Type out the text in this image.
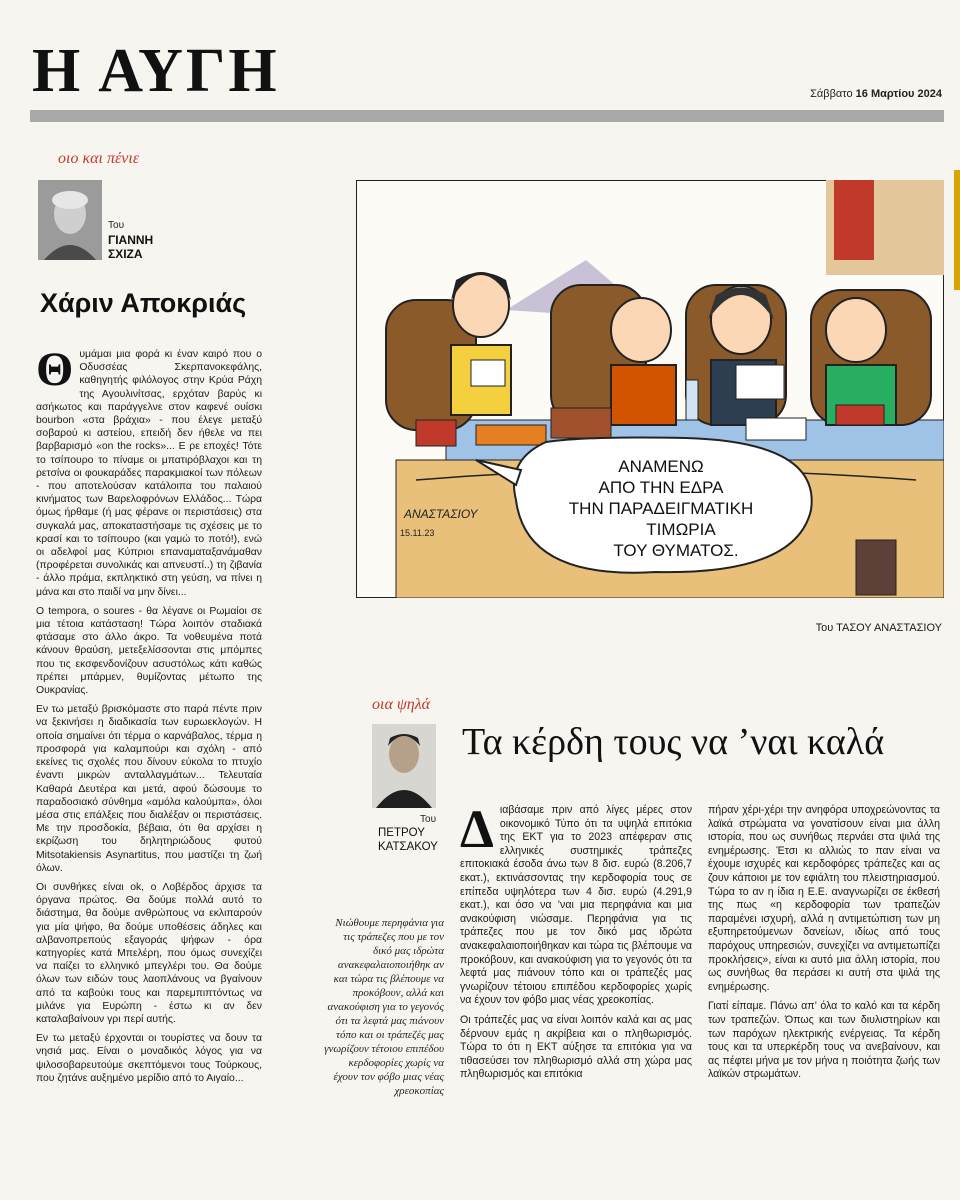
Η ΑΥΓΗ	Σάββατο 16 Μαρτίου 2024
οιο και πένιε
Του
ΓΙΑΝΝΗ
ΣΧΙΖΑ
Χάριν Αποκριάς

Θυμάμαι μια φορά κι έναν καιρό που ο Οδυσσέας Σκερπανοκεφάλης, καθηγητής φιλόλογος στην Κρύα Ράχη της Αγουλινίτσας, ερχόταν βαρύς κι ασήκωτος και παράγγελνε στον καφενέ ουίσκι bourbon «στα βράχια» - που έλεγε μεταξύ σοβαρού κι αστείου, επειδή δεν ήθελε να πει βαρβαρισμό «on the rocks»... Ε ρε εποχές! Τότε το τσίπουρο το πίναμε οι μπατιρόβλαχοι και τη ρετσίνα οι φουκαράδες παρακμιακοί των πόλεων - που αποτελούσαν κατάλοιπα του παλαιού κινήματος των Βαρελοφρόνων Ελλάδος... Τώρα όμως ήρθαμε (ή μας φέρανε οι περιστάσεις) στα συγκαλά μας, αποκαταστήσαμε τις σχέσεις με το κρασί και το τσίπουρο (και γαμώ το ποτό!), ενώ οι αδελφοί μας Κύπριοι επαναματαξανάμαθαν (προφέρεται συνολικάς και απνευστί..) τη ζιβανία - άλλο πράμα, εκπληκτικό στη γεύση, να πίνει η μάνα και στο παιδί να μην δίνει...

Ο tempora, o soures - θα λέγανε οι Ρωμαίοι σε μια τέτοια κατάσταση! Τώρα λοιπόν σταδιακά φτάσαμε στο άλλο άκρο. Τα νοθευμένα ποτά κάνουν θραύση, μετεξελίσσονται στις μπόμπες που τις εκσφενδονίζουν ασυστόλως κάτι καθώς πρέπει μπάρμεν, θυμίζοντας μέτωπο της Ουκρανίας.

Εν τω μεταξύ βρισκόμαστε στο παρά πέντε πριν να ξεκινήσει η διαδικασία των ευρωεκλογών. Η οποία σημαίνει ότι τέρμα ο καρνάβαλος, τέρμα η προσφορά για καλαμπούρι και σχόλη - από εκείνες τις σχολές που δίνουν εύκολα το πτυχίο έναντι μικρών ανταλλαγμάτων... Τελευταία Καθαρά Δευτέρα και μετά, αφού δώσουμε το παραδοσιακό σύνθημα «αμόλα καλούμπα», όλοι μέσα στις επάλξεις που διαλέξαν οι περιστάσεις. Με την προσδοκία, βέβαια, ότι θα αρχίσει η εκρίζωση του δηλητηριώδους φυτού Mitsotakiensis Asynartitus, που μαστίζει τη ζωή όλων.

Οι συνθήκες είναι ok, ο Λοβέρδος άρχισε τα όργανα πρώτος. Θα δούμε πολλά αυτό το διάστημα, θα δούμε ανθρώπους να εκλιπαρούν για μία ψήφο, θα δούμε υποθέσεις άδηλες και αλβανοπρεπούς εξαγοράς ψήφων - όρα κατηγορίες κατά Μπελέρη, που όμως συνεχίζει να παίζει το ελληνικό μπεγλέρι του. Θα δούμε όλων των ειδών τους λαοπλάνους να βγαίνουν από τα καβούκι τους και παρεμπιπτόντως να μιλάνε για Ευρώπη - έστω κι αν δεν καταλαβαίνουν γρι περί αυτής.

Εν τω μεταξύ έρχονται οι τουρίστες να δουν τα νησιά μας. Είναι ο μοναδικός λόγος για να ψιλοσοβαρευτούμε σκεπτόμενοι τους Τούρκους, που ζητάνε αυξημένο μερίδιο από το Αιγαίο...

ΑΝΑΜΕΝΩ
ΑΠΟ ΤΗΝ ΕΔΡΑ
ΤΗΝ ΠΑΡΑΔΕΙΓΜΑΤΙΚΗ
ΤΙΜΩΡΙΑ
ΤΟΥ ΘΥΜΑΤΟΣ.
ΑΝΑΣΤΑΣΙΟΥ
15.11.23
Του ΤΑΣΟΥ ΑΝΑΣΤΑΣΙΟΥ
οια ψηλά
Τα κέρδη τους να ’ναι καλά
Του
ΠΕΤΡΟΥ
ΚΑΤΣΑΚΟΥ
Νιώθουμε περηφάνια για τις τράπεζες που με τον δικό μας ιδρώτα ανακεφαλαιοποιήθηκ αν και τώρα τις βλέπουμε να προκόβουν, αλλά και ανακούφιση για το γεγονός ότι τα λεφτά μας πιάνουν τόπο και οι τράπεζές μας γνωρίζουν τέτοιου επιπέδου κερδοφορίες χωρίς να έχουν τον φόβο μιας νέας χρεοκοπίας

Διαβάσαμε πριν από λίγες μέρες στον οικονομικό Τύπο ότι τα υψηλά επιτόκια της ΕΚΤ για το 2023 απέφεραν στις ελληνικές συστημικές τράπεζες επιτοκιακά έσοδα άνω των 8 δισ. ευρώ (8.206,7 εκατ.), εκτινάσσοντας την κερδοφορία τους σε επίπεδα υψηλότερα των 4 δισ. ευρώ (4.291,9 εκατ.), και όσο να ’ναι μια περηφάνια και μια ανακούφιση νιώσαμε. Περηφάνια για τις τράπεζες που με τον δικό μας ιδρώτα ανακεφαλαιοποιήθηκαν και τώρα τις βλέπουμε να προκόβουν, και ανακούφιση για το γεγονός ότι τα λεφτά μας πιάνουν τόπο και οι τράπεζές μας γνωρίζουν τέτοιου επιπέδου κερδοφορίες χωρίς να έχουν τον φόβο μιας νέας χρεοκοπίας.

Οι τράπεζές μας να είναι λοιπόν καλά και ας μας δέρνουν εμάς η ακρίβεια και ο πληθωρισμός. Τώρα το ότι η ΕΚΤ αύξησε τα επιτόκια για να τιθασεύσει τον πληθωρισμό αλλά στη χώρα μας πληθωρισμός και επιτόκια

πήραν χέρι-χέρι την ανηφόρα υποχρεώνοντας τα λαϊκά στρώματα να γονατίσουν είναι μια άλλη ιστορία, που ως συνήθως περνάει στα ψιλά της ενημέρωσης. Έτσι κι αλλιώς το παν είναι να έχουμε ισχυρές και κερδοφόρες τράπεζες και ας ζουν κάποιοι με τον εφιάλτη του πλειστηριασμού. Τώρα το αν η ίδια η Ε.Ε. αναγνωρίζει σε έκθεσή της πως «η κερδοφορία των τραπεζών παραμένει ισχυρή, αλλά η αντιμετώπιση των μη εξυπηρετούμενων δανείων, ιδίως από τους παρόχους υπηρεσιών, συνεχίζει να αντιμετωπίζει προκλήσεις», είναι κι αυτό μια άλλη ιστορία, που ως συνήθως θα περάσει κι αυτή στα ψιλά της ενημέρωσης.

Γιατί είπαμε. Πάνω απ’ όλα το καλό και τα κέρδη των τραπεζών. Όπως και των διυλιστηρίων και των παρόχων ηλεκτρικής ενέργειας. Τα κέρδη τους και τα υπερκέρδη τους να ανεβαίνουν, και ας πέφτει μήνα με τον μήνα η ποιότητα ζωής των λαϊκών στρωμάτων.
